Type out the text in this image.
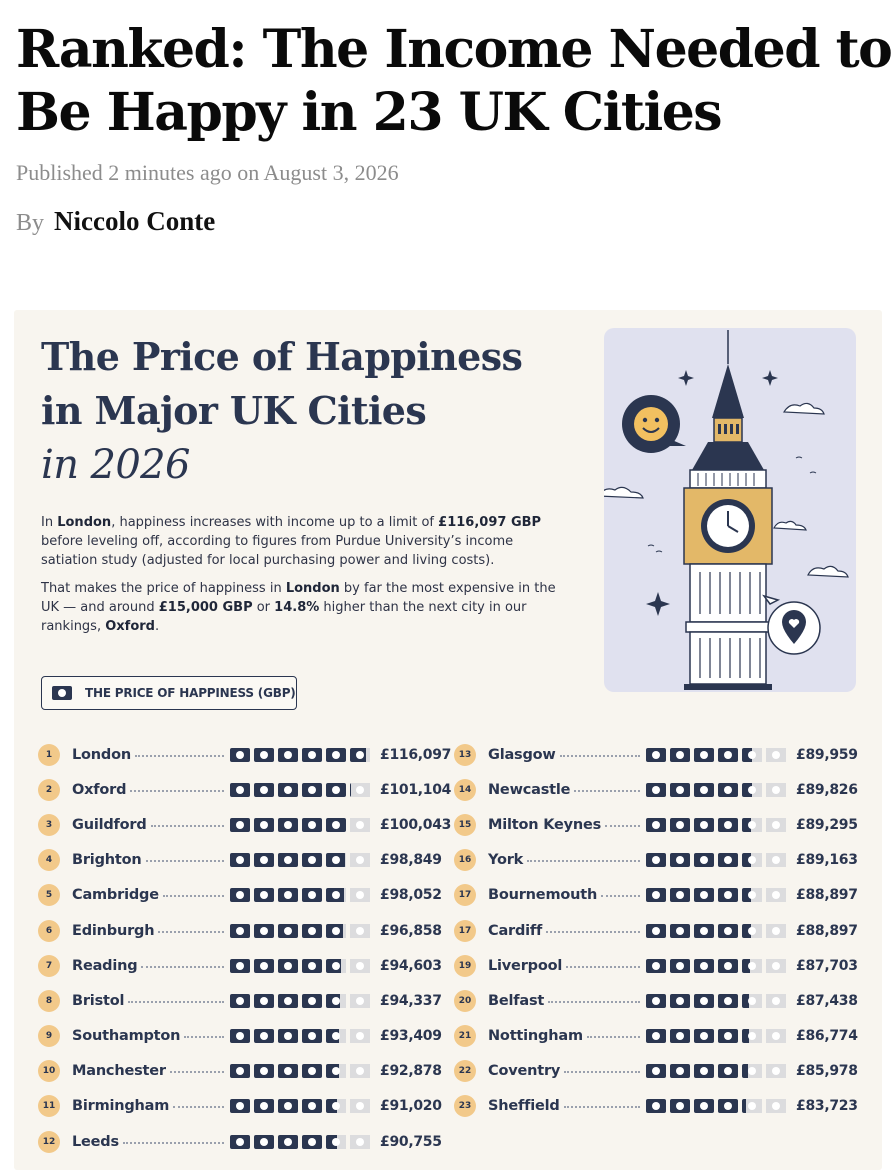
Ranked: The Income Needed to Be Happy in 23 UK Cities
Published 2 minutes ago on August 3, 2026
By Niccolo Conte
The Price of Happiness
in Major UK Cities
in 2026

In London, happiness increases with income up to a limit of £116,097 GBP before leveling off, according to figures from Purdue University’s income satiation study (adjusted for local purchasing power and living costs).

That makes the price of happiness in London by far the most expensive in the UK — and around £15,000 GBP or 14.8% higher than the next city in our rankings, Oxford.

THE PRICE OF HAPPINESS (GBP)
1	London	£116,097
2	Oxford	£101,104
3	Guildford	£100,043
4	Brighton	£98,849
5	Cambridge	£98,052
6	Edinburgh	£96,858
7	Reading	£94,603
8	Bristol	£94,337
9	Southampton	£93,409
10	Manchester	£92,878
11	Birmingham	£91,020
12	Leeds	£90,755
13	Glasgow	£89,959
14	Newcastle	£89,826
15	Milton Keynes	£89,295
16	York	£89,163
17	Bournemouth	£88,897
17	Cardiff	£88,897
19	Liverpool	£87,703
20	Belfast	£87,438
21	Nottingham	£86,774
22	Coventry	£85,978
23	Sheffield	£83,723
